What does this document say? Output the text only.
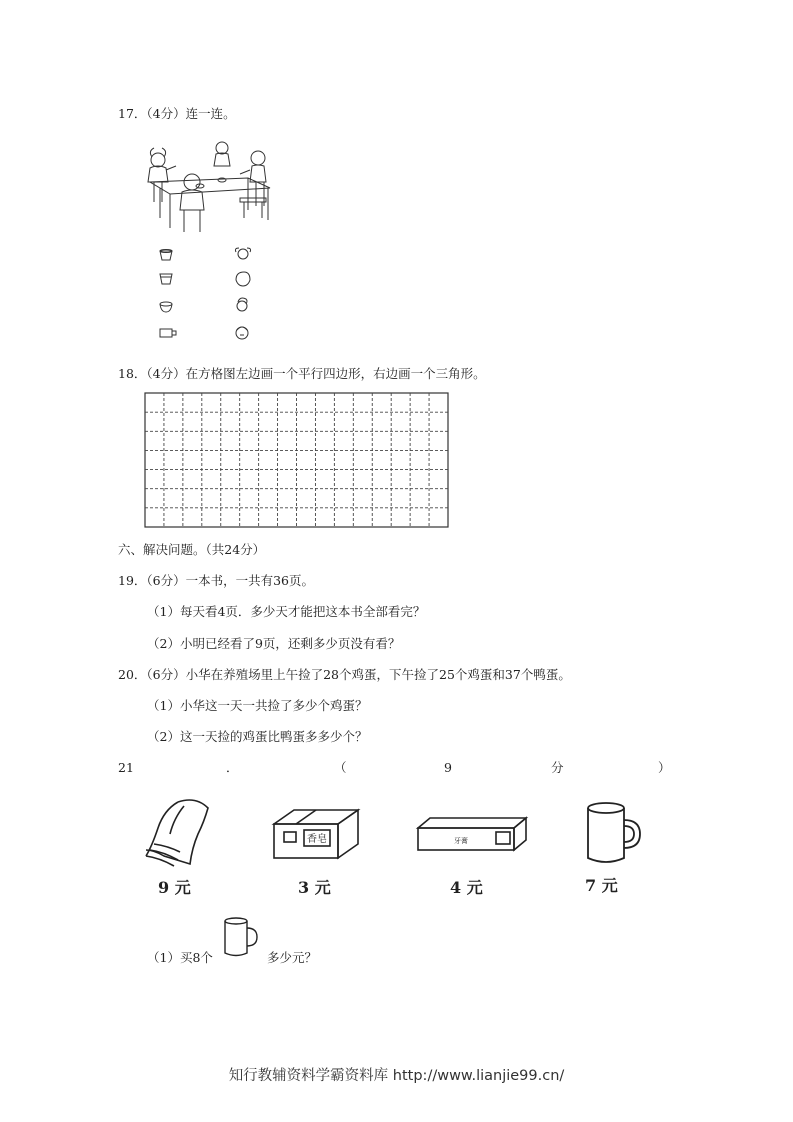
17．（4分）连一连。
18．（4分）在方格图左边画一个平行四边形，右边画一个三角形。
六、解决问题。（共24分）
19．（6分）一本书，一共有36页。
（1）每天看4页．多少天才能把这本书全部看完？
（2）小明已经看了9页，还剩多少页没有看？
20．（6分）小华在养殖场里上午捡了28个鸡蛋，下午捡了25个鸡蛋和37个鸭蛋。
（1）小华这一天一共捡了多少个鸡蛋？
（2）这一天捡的鸡蛋比鸭蛋多多少个？
21	．	（	9	分	）
香皂	牙膏
9 元	3 元	4 元	7 元
（1）买8个	多少元？
知行教辅资料学霸资料库 http://www.lianjie99.cn/
